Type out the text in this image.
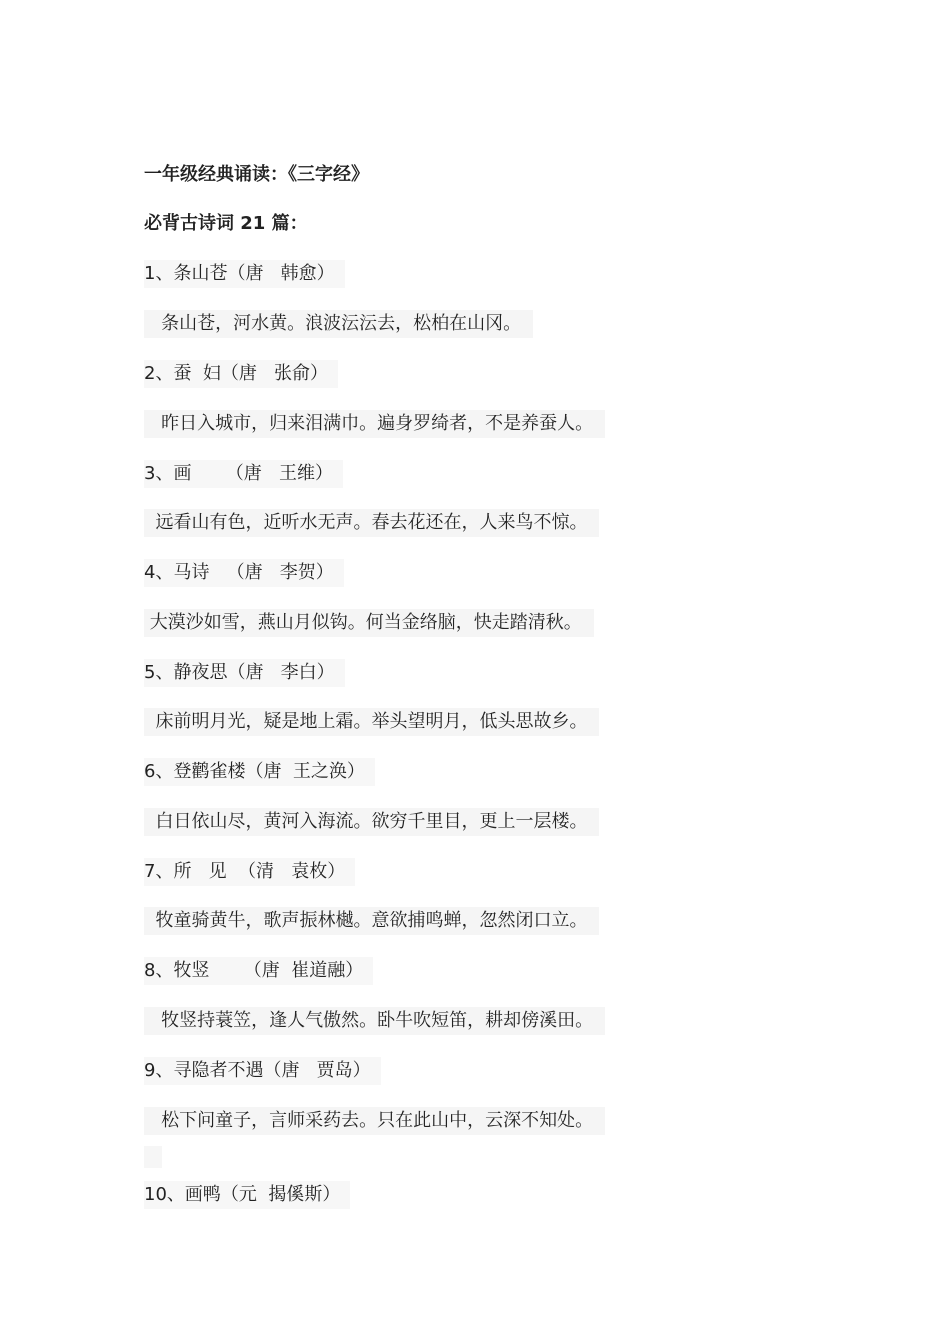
一年级经典诵读：《三字经》
必背古诗词 21 篇：
1、条山苍（唐   韩愈）
条山苍，河水黄。浪波沄沄去，松柏在山冈。
2、蚕  妇（唐   张俞）
昨日入城市，归来泪满巾。遍身罗绮者，不是养蚕人。
3、画      （唐   王维）
远看山有色，近听水无声。春去花还在，人来鸟不惊。
4、马诗   （唐   李贺）
大漠沙如雪，燕山月似钩。何当金络脑，快走踏清秋。
5、静夜思（唐   李白）
床前明月光，疑是地上霜。举头望明月，低头思故乡。
6、登鹳雀楼（唐  王之涣）
白日依山尽，黄河入海流。欲穷千里目，更上一层楼。
7、所   见  （清   袁枚）
牧童骑黄牛，歌声振林樾。意欲捕鸣蝉，忽然闭口立。
8、牧竖      （唐  崔道融）
牧竖持蓑笠，逢人气傲然。卧牛吹短笛，耕却傍溪田。
9、寻隐者不遇（唐   贾岛）
松下问童子，言师采药去。只在此山中，云深不知处。
10、画鸭（元  揭傒斯）
